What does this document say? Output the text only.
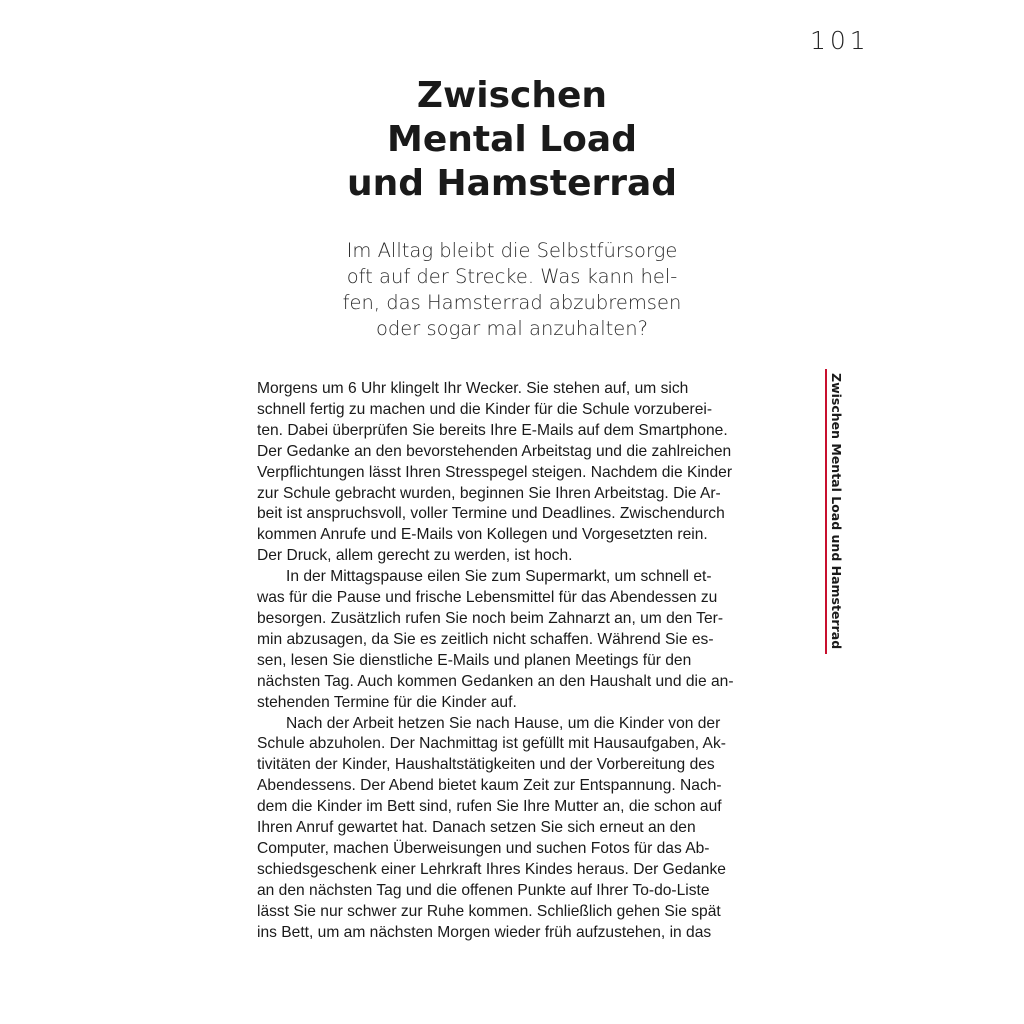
101
Zwischen
Mental Load
und Hamsterrad

Im Alltag bleibt die Selbstfürsorge
oft auf der Strecke. Was kann hel-
fen, das Hamsterrad abzubremsen
oder sogar mal anzuhalten?

Morgens um 6 Uhr klingelt Ihr Wecker. Sie stehen auf, um sich
schnell fertig zu machen und die Kinder für die Schule vorzuberei-
ten. Dabei überprüfen Sie bereits Ihre E-Mails auf dem Smartphone.
Der Gedanke an den bevorstehenden Arbeitstag und die zahlreichen
Verpflichtungen lässt Ihren Stresspegel steigen. Nachdem die Kinder
zur Schule gebracht wurden, beginnen Sie Ihren Arbeitstag. Die Ar-
beit ist anspruchsvoll, voller Termine und Deadlines. Zwischendurch
kommen Anrufe und E-Mails von Kollegen und Vorgesetzten rein.
Der Druck, allem gerecht zu werden, ist hoch.
In der Mittagspause eilen Sie zum Supermarkt, um schnell et-
was für die Pause und frische Lebensmittel für das Abendessen zu
besorgen. Zusätzlich rufen Sie noch beim Zahnarzt an, um den Ter-
min abzusagen, da Sie es zeitlich nicht schaffen. Während Sie es-
sen, lesen Sie dienstliche E-Mails und planen Meetings für den
nächsten Tag. Auch kommen Gedanken an den Haushalt und die an-
stehenden Termine für die Kinder auf.
Nach der Arbeit hetzen Sie nach Hause, um die Kinder von der
Schule abzuholen. Der Nachmittag ist gefüllt mit Hausaufgaben, Ak-
tivitäten der Kinder, Haushaltstätigkeiten und der Vorbereitung des
Abendessens. Der Abend bietet kaum Zeit zur Entspannung. Nach-
dem die Kinder im Bett sind, rufen Sie Ihre Mutter an, die schon auf
Ihren Anruf gewartet hat. Danach setzen Sie sich erneut an den
Computer, machen Überweisungen und suchen Fotos für das Ab-
schiedsgeschenk einer Lehrkraft Ihres Kindes heraus. Der Gedanke
an den nächsten Tag und die offenen Punkte auf Ihrer To-do-Liste
lässt Sie nur schwer zur Ruhe kommen. Schließlich gehen Sie spät
ins Bett, um am nächsten Morgen wieder früh aufzustehen, in das
Zwischen Mental Load und Hamsterrad
